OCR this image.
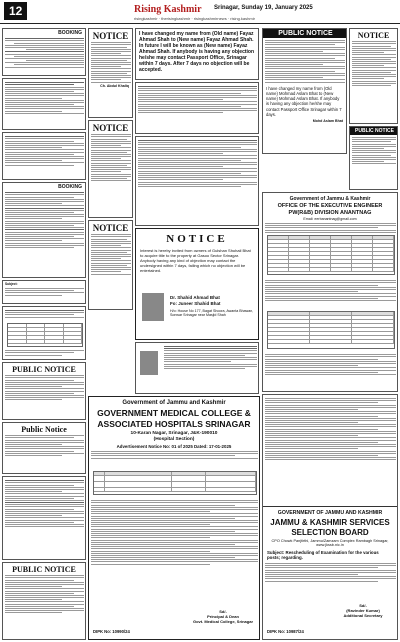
12	Rising Kashmir Srinagar, Sunday 19, January 2025
risingkashmir · therisingkashmir · risingkashmirnews · rising.kashmir
BOOKING
BOOKING
Subject:
PUBLIC NOTICE
Public Notice
PUBLIC NOTICE
NOTICE
Ch. Abdul Khaliq
NOTICE
NOTICE
I have changed my name from (Old name) Fayaz Ahmad Shah to (New name) Fayaz Ahmad Shah. In future I will be known as (New name) Fayaz Ahmad Shah. If anybody is having any objection he/she may contact Passport Office, Srinagar within 7 days. After 7 days no objection will be accepted.
NOTICE
Interest is hereby invited from owners of Gulshan Shuhail Bhat to acquire title to the property at Gasoo Sector Srinagar. Anybody having any kind of objection may contact the undersigned within 7 days, failing which no objection will be entertained.
Dr. Shahid Ahmad Bhat
Fo: Juneer Shahid Bhat
H/o: House No 177, Bagat Shoora, Awanta Bhawan, Sonwar Srinagar near Masjid Shah
PUBLIC NOTICE
I have changed my name from (Old name) Mohmad Aslam Bhat to (New name) Mohmad Aslam Bhat. If anybody is having any objection he/she may contact Passport Office Srinagar within 7 days.
Mohd Aslam Bhat
NOTICE
PUBLIC NOTICE
Government of Jammu & Kashmir
OFFICE OF THE EXECUTIVE ENGINEER
PW(R&B) DIVISION ANANTNAG
Email: eerbanantnag@gmail.com
Government of Jammu and Kashmir
GOVERNMENT MEDICAL COLLEGE &
ASSOCIATED HOSPITALS SRINAGAR
10-Karan Nagar, Srinagar, J&K-190010
(Hospital Section)
Advertisement Notice No: 01 of 2025 Dated: 17-01-2025
Sd/-
Principal & Dean
Govt. Medical College, Srinagar
DIPK No: 10990/24
GOVERNMENT OF JAMMU AND KASHMIR
JAMMU & KASHMIR SERVICES
SELECTION BOARD
CPO Chowk Panjtirthi, Jammu/Zamzam Complex Rambagh Srinagar, www.jkssb.nic.in
Subject: Rescheduling of Examination for the various posts; regarding.
Sd/-
(Ravinder Kumar)
Additional Secretary
DIPK No: 10987/24
